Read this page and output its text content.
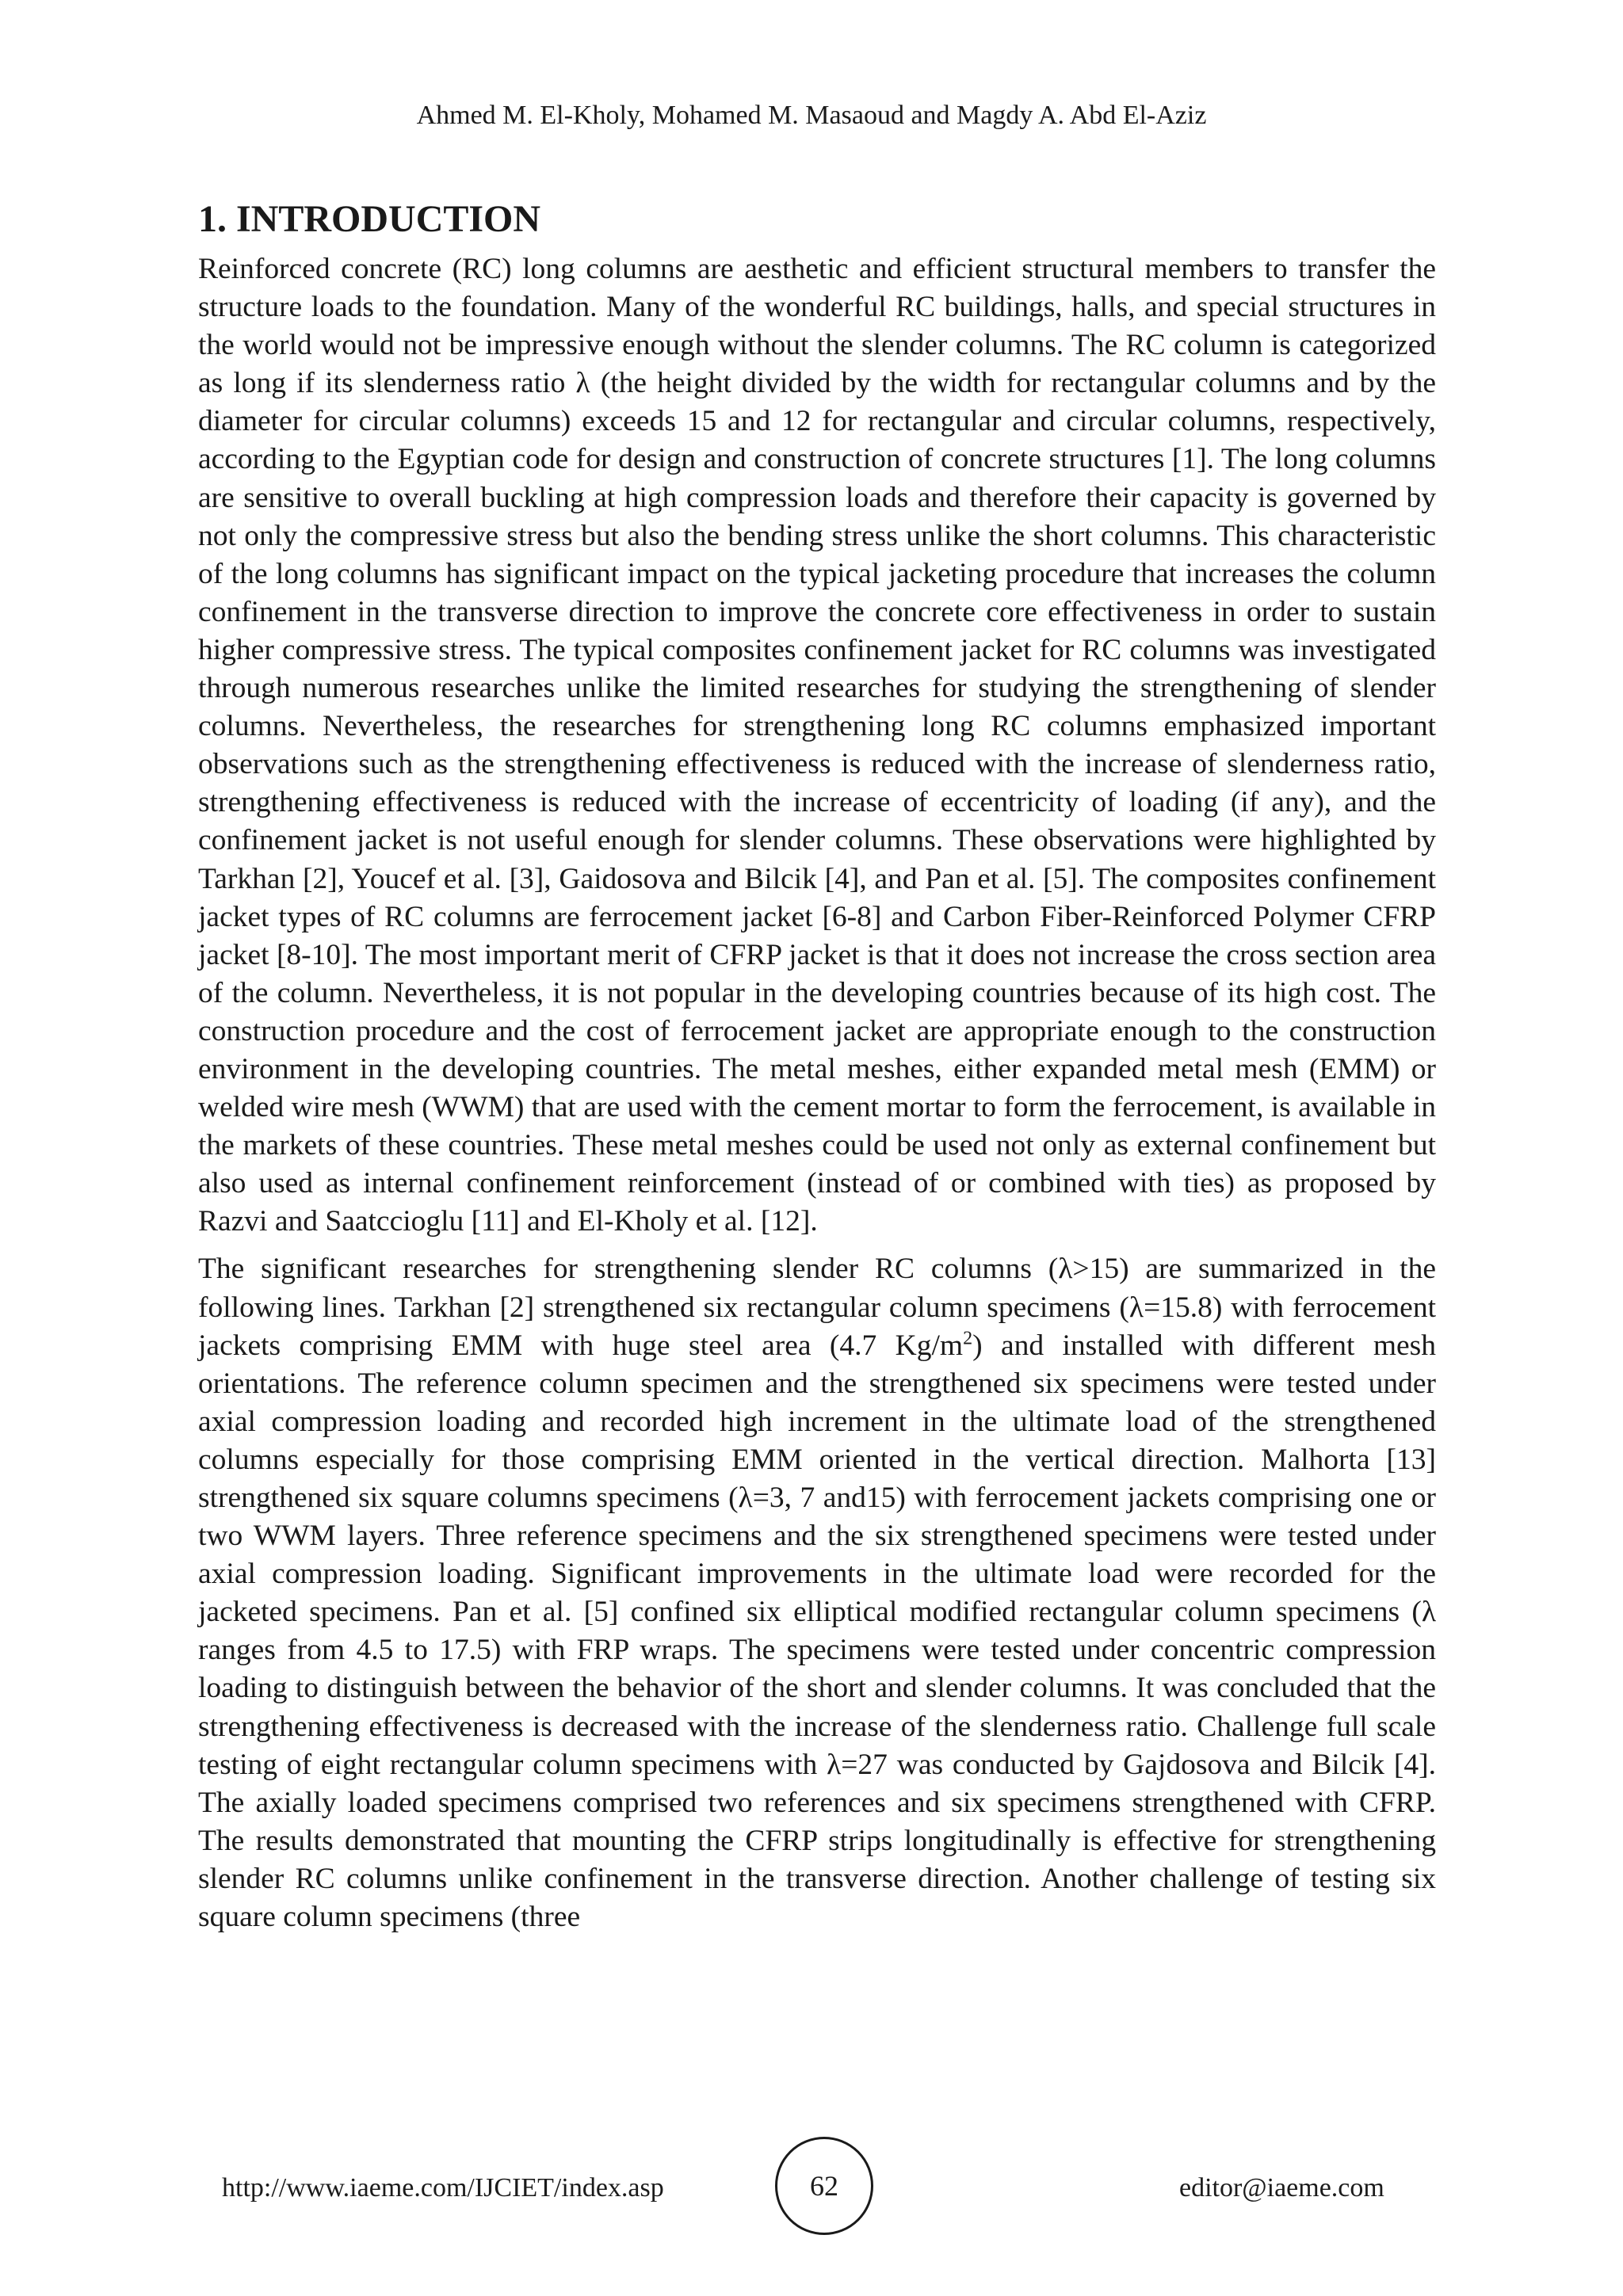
Ahmed M. El-Kholy, Mohamed M. Masaoud and Magdy A. Abd El-Aziz
1. INTRODUCTION

Reinforced concrete (RC) long columns are aesthetic and efficient structural members to transfer the structure loads to the foundation. Many of the wonderful RC buildings, halls, and special structures in the world would not be impressive enough without the slender columns. The RC column is categorized as long if its slenderness ratio λ (the height divided by the width for rectangular columns and by the diameter for circular columns) exceeds 15 and 12 for rectangular and circular columns, respectively, according to the Egyptian code for design and construction of concrete structures [1]. The long columns are sensitive to overall buckling at high compression loads and therefore their capacity is governed by not only the compressive stress but also the bending stress unlike the short columns. This characteristic of the long columns has significant impact on the typical jacketing procedure that increases the column confinement in the transverse direction to improve the concrete core effectiveness in order to sustain higher compressive stress. The typical composites confinement jacket for RC columns was investigated through numerous researches unlike the limited researches for studying the strengthening of slender columns. Nevertheless, the researches for strengthening long RC columns emphasized important observations such as the strengthening effectiveness is reduced with the increase of slenderness ratio, strengthening effectiveness is reduced with the increase of eccentricity of loading (if any), and the confinement jacket is not useful enough for slender columns. These observations were highlighted by Tarkhan [2], Youcef et al. [3], Gaidosova and Bilcik [4], and Pan et al. [5]. The composites confinement jacket types of RC columns are ferrocement jacket [6-8] and Carbon Fiber-Reinforced Polymer CFRP jacket [8-10]. The most important merit of CFRP jacket is that it does not increase the cross section area of the column. Nevertheless, it is not popular in the developing countries because of its high cost. The construction procedure and the cost of ferrocement jacket are appropriate enough to the construction environment in the developing countries. The metal meshes, either expanded metal mesh (EMM) or welded wire mesh (WWM) that are used with the cement mortar to form the ferrocement, is available in the markets of these countries. These metal meshes could be used not only as external confinement but also used as internal confinement reinforcement (instead of or combined with ties) as proposed by Razvi and Saatccioglu [11] and El-Kholy et al. [12].

The significant researches for strengthening slender RC columns (λ>15) are summarized in the following lines. Tarkhan [2] strengthened six rectangular column specimens (λ=15.8) with ferrocement jackets comprising EMM with huge steel area (4.7 $Kg/m^2$) and installed with different mesh orientations. The reference column specimen and the strengthened six specimens were tested under axial compression loading and recorded high increment in the ultimate load of the strengthened columns especially for those comprising EMM oriented in the vertical direction. Malhorta [13] strengthened six square columns specimens (λ=3, 7 and15) with ferrocement jackets comprising one or two WWM layers. Three reference specimens and the six strengthened specimens were tested under axial compression loading. Significant improvements in the ultimate load were recorded for the jacketed specimens. Pan et al. [5] confined six elliptical modified rectangular column specimens (λ ranges from 4.5 to 17.5) with FRP wraps. The specimens were tested under concentric compression loading to distinguish between the behavior of the short and slender columns. It was concluded that the strengthening effectiveness is decreased with the increase of the slenderness ratio. Challenge full scale testing of eight rectangular column specimens with λ=27 was conducted by Gajdosova and Bilcik [4]. The axially loaded specimens comprised two references and six specimens strengthened with CFRP. The results demonstrated that mounting the CFRP strips longitudinally is effective for strengthening slender RC columns unlike confinement in the transverse direction. Another challenge of testing six square column specimens (three

http://www.iaeme.com/IJCIET/index.asp	62	editor@iaeme.com
